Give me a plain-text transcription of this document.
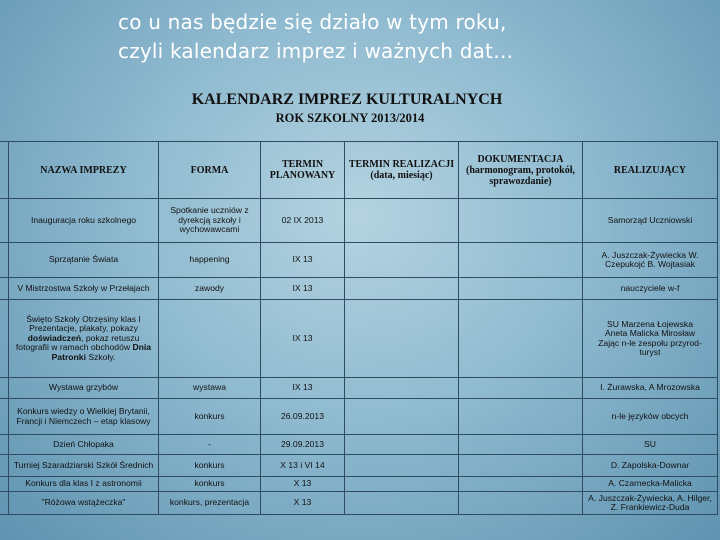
co u nas będzie się działo w tym roku,
czyli kalendarz imprez i ważnych dat…
KALENDARZ IMPREZ KULTURALNYCH
ROK SZKOLNY 2013/2014
	NAZWA IMPREZY	FORMA	TERMIN PLANOWANY	TERMIN REALIZACJI (data, miesiąc)	DOKUMENTACJA (harmonogram, protokół, sprawozdanie)	REALIZUJĄCY
	Inauguracja roku szkolnego	Spotkanie uczniów z dyrekcją szkoły i wychowawcami	02 IX 2013			Samorząd Uczniowski
	Sprzątanie Świata	happening	IX 13			A. Juszczak-Żywiecka W. Czepukojć B. Wojtasiak
	V Mistrzostwa Szkoły w Przełajach	zawody	IX 13			nauczyciele w-f
	Święto Szkoły Otrzęsiny klas I Prezentacje, plakaty, pokazy doświadczeń, pokaz retuszu fotografii w ramach obchodów Dnia Patronki Szkoły.		IX 13			SU Marzena Łojewska Aneta Malicka Mirosław Zając n-le zespołu przyrod-turyst
	Wystawa grzybów	wystawa	IX 13			I. Żurawska, A Mrozowska
	Konkurs wiedzy o Wielkiej Brytanii, Francji i Niemczech – etap klasowy	konkurs	26.09.2013			n-le języków obcych
	Dzień Chłopaka	-	29.09.2013			SU
	Turniej Szaradziarski Szkół Średnich	konkurs	X 13 i VI 14			D. Zapolska-Downar
	Konkurs dla klas I z astronomii	konkurs	X 13			A. Czarnecka-Malicka
	"Różowa wstążeczka"	konkurs, prezentacja	X 13			A. Juszczak-Żywiecka, A. Hilger, Z. Frankiewicz-Duda
